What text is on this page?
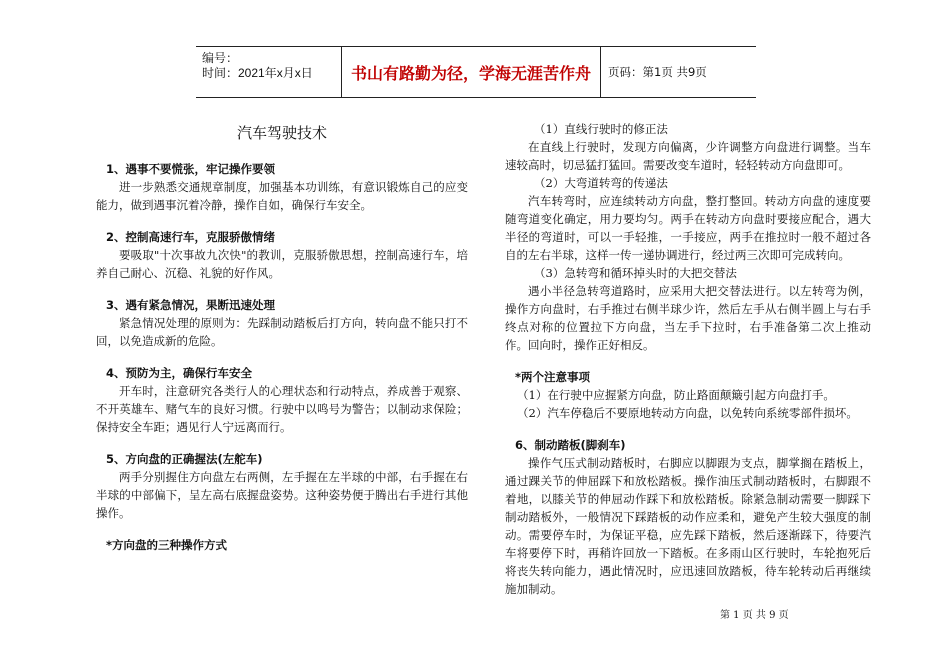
编号：
时间：2021年x月x日 书山有路勤为径，学海无涯苦作舟 页码：第1页 共9页
汽车驾驶技术
1、遇事不要慌张，牢记操作要领

进一步熟悉交通规章制度，加强基本功训练，有意识锻炼自己的应变能力，做到遇事沉着冷静，操作自如，确保行车安全。

2、控制高速行车，克服骄傲情绪

要吸取"十次事故九次快"的教训，克服骄傲思想，控制高速行车，培养自己耐心、沉稳、礼貌的好作风。

3、遇有紧急情况，果断迅速处理

紧急情况处理的原则为：先踩制动踏板后打方向，转向盘不能只打不回，以免造成新的危险。

4、预防为主，确保行车安全

开车时，注意研究各类行人的心理状态和行动特点，养成善于观察、不开英雄车、赌气车的良好习惯。行驶中以鸣号为警告；以制动求保险；保持安全车距；遇见行人宁远离而行。

5、方向盘的正确握法(左舵车)

两手分别握住方向盘左右两侧，左手握在左半球的中部，右手握在右半球的中部偏下，呈左高右底握盘姿势。这种姿势便于腾出右手进行其他操作。

*方向盘的三种操作方式

（1）直线行驶时的修正法

在直线上行驶时，发现方向偏离，少许调整方向盘进行调整。当车速较高时，切忌猛打猛回。需要改变车道时，轻轻转动方向盘即可。

（2）大弯道转弯的传递法

汽车转弯时，应连续转动方向盘，整打整回。转动方向盘的速度要随弯道变化确定，用力要均匀。两手在转动方向盘时要接应配合，遇大半径的弯道时，可以一手轻推，一手接应，两手在推拉时一般不超过各自的左右半球，这样一传一递协调进行，经过两三次即可完成转向。

（3）急转弯和循环掉头时的大把交替法

遇小半径急转弯道路时，应采用大把交替法进行。以左转弯为例，操作方向盘时，右手推过右侧半球少许，然后左手从右侧半圆上与右手终点对称的位置拉下方向盘，当左手下拉时，右手准备第二次上推动作。回向时，操作正好相反。

*两个注意事项

（1）在行驶中应握紧方向盘，防止路面颠簸引起方向盘打手。

（2）汽车停稳后不要原地转动方向盘，以免转向系统零部件损坏。

6、制动踏板(脚刹车)

操作气压式制动踏板时，右脚应以脚跟为支点，脚掌搁在踏板上，通过踝关节的伸屈踩下和放松踏板。操作油压式制动踏板时，右脚跟不着地，以膝关节的伸屈动作踩下和放松踏板。除紧急制动需要一脚踩下制动踏板外，一般情况下踩踏板的动作应柔和，避免产生较大强度的制动。需要停车时，为保证平稳，应先踩下踏板，然后逐渐踩下，待要汽车将要停下时，再稍许回放一下踏板。在多雨山区行驶时，车轮抱死后将丧失转向能力，遇此情况时，应迅速回放踏板，待车轮转动后再继续施加制动。

第 1 页 共 9 页
